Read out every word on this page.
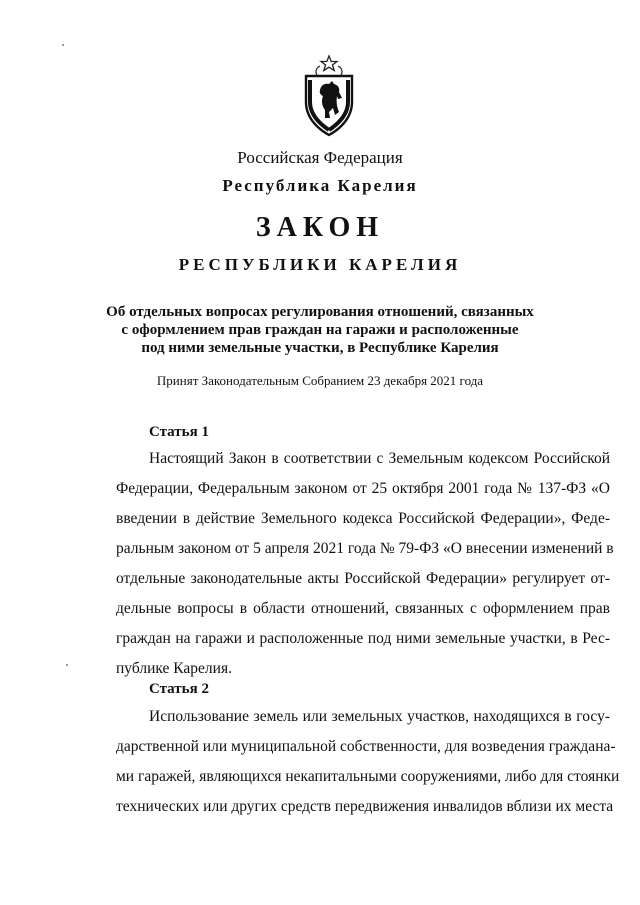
Российская Федерация
Республика Карелия
ЗАКОН
РЕСПУБЛИКИ КАРЕЛИЯ
Об отдельных вопросах регулирования отношений, связанных
с оформлением прав граждан на гаражи и расположенные
под ними земельные участки, в Республике Карелия
Принят Законодательным Собранием 23 декабря 2021 года
Статья 1
Настоящий Закон в соответствии с Земельным кодексом Российской
Федерации, Федеральным законом от 25 октября 2001 года № 137-ФЗ «О
введении в действие Земельного кодекса Российской Федерации», Феде-
ральным законом от 5 апреля 2021 года № 79-ФЗ «О внесении изменений в
отдельные законодательные акты Российской Федерации» регулирует от-
дельные вопросы в области отношений, связанных с оформлением прав
граждан на гаражи и расположенные под ними земельные участки, в Рес-
публике Карелия.
Статья 2
Использование земель или земельных участков, находящихся в госу-
дарственной или муниципальной собственности, для возведения граждана-
ми гаражей, являющихся некапитальными сооружениями, либо для стоянки
технических или других средств передвижения инвалидов вблизи их места
